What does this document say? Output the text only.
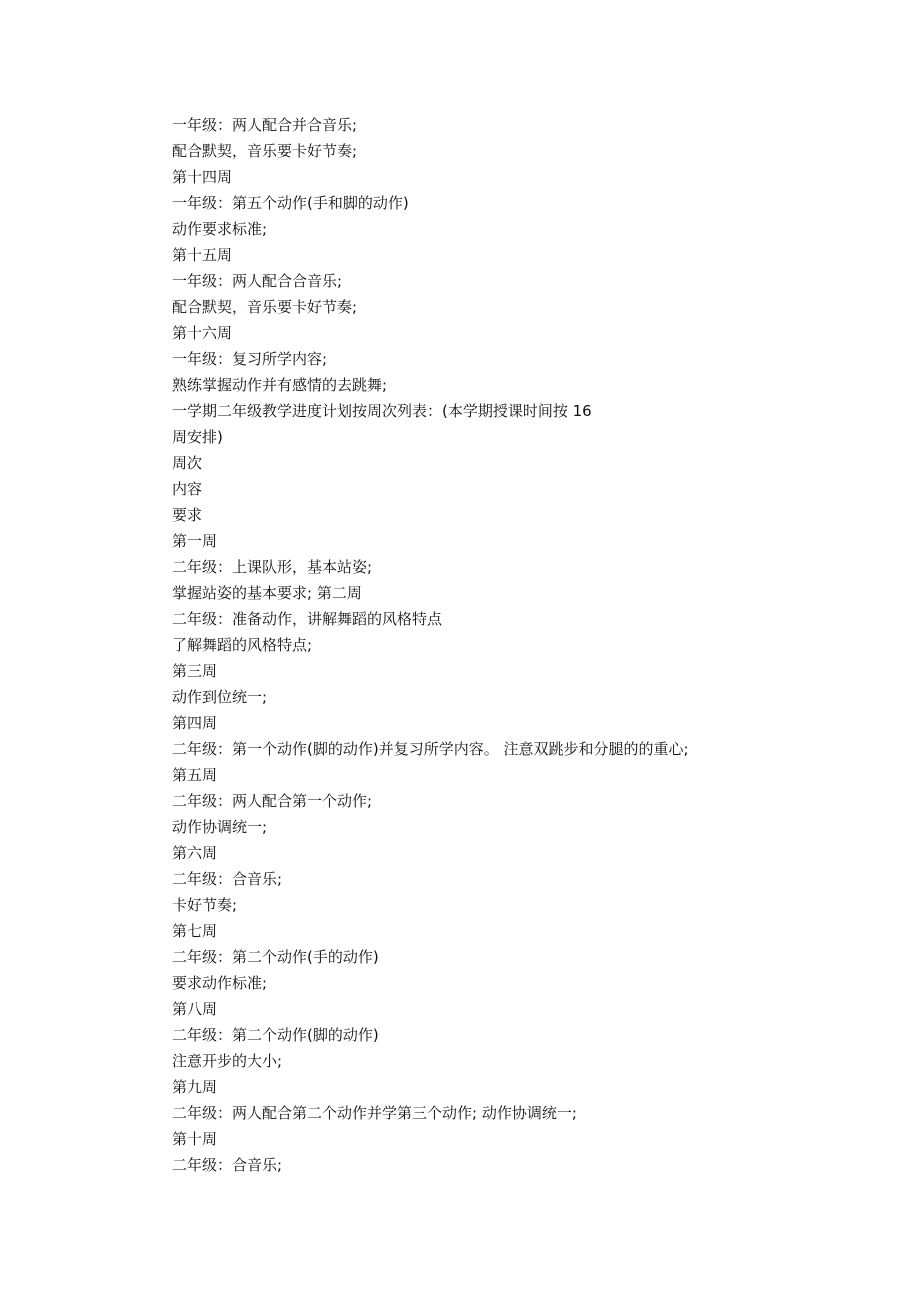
一年级：两人配合并合音乐;
配合默契，音乐要卡好节奏;
第十四周
一年级：第五个动作(手和脚的动作)
动作要求标准;
第十五周
一年级：两人配合合音乐;
配合默契，音乐要卡好节奏;
第十六周
一年级：复习所学内容;
熟练掌握动作并有感情的去跳舞;
一学期二年级教学进度计划按周次列表：(本学期授课时间按 16
周安排)
周次
内容
要求
第一周
二年级：上课队形，基本站姿;
掌握站姿的基本要求; 第二周
二年级：准备动作，讲解舞蹈的风格特点
了解舞蹈的风格特点;
第三周
动作到位统一;
第四周
二年级：第一个动作(脚的动作)并复习所学内容。 注意双跳步和分腿的的重心;
第五周
二年级：两人配合第一个动作;
动作协调统一;
第六周
二年级：合音乐;
卡好节奏;
第七周
二年级：第二个动作(手的动作)
要求动作标准;
第八周
二年级：第二个动作(脚的动作)
注意开步的大小;
第九周
二年级：两人配合第二个动作并学第三个动作; 动作协调统一;
第十周
二年级：合音乐;
